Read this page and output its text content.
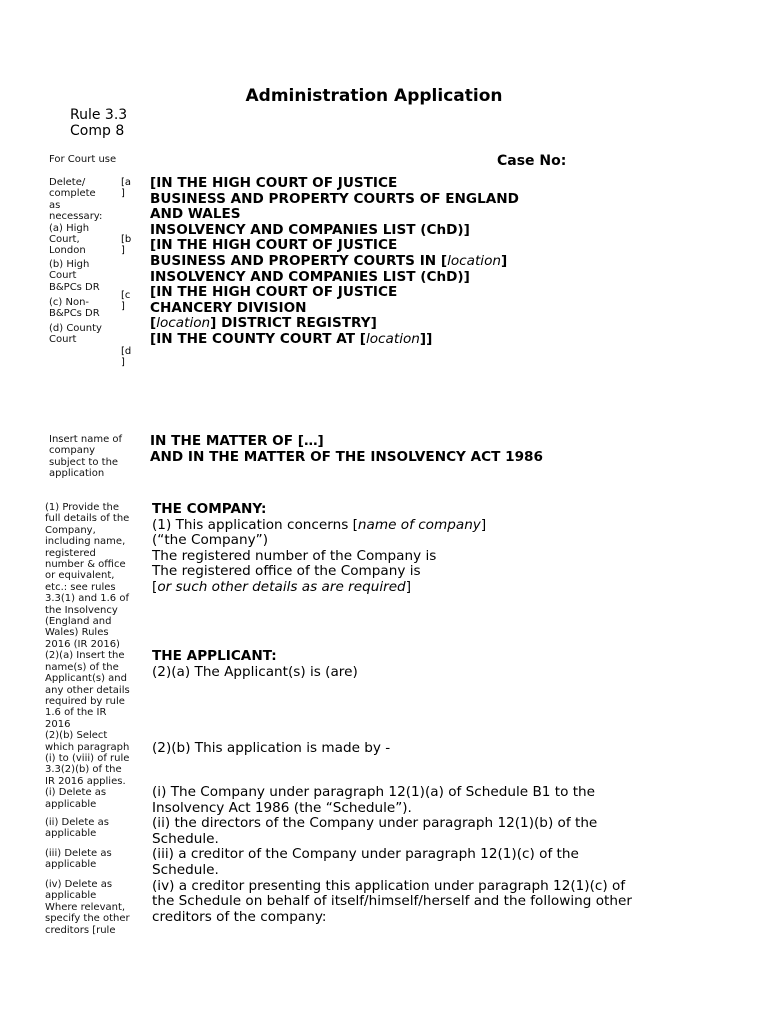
Administration Application
Rule 3.3
Comp 8
For Court use	Case No:
Delete/
complete
as
necessary:
(a) High
Court,
London
(b) High
Court
B&PCs DR
(c) Non-
B&PCs DR
(d) County
Court
[a
]
[b
]
[c
]
[d
]
[IN THE HIGH COURT OF JUSTICE
BUSINESS AND PROPERTY COURTS OF ENGLAND
AND WALES
INSOLVENCY AND COMPANIES LIST (ChD)]
[IN THE HIGH COURT OF JUSTICE
BUSINESS AND PROPERTY COURTS IN [location]
INSOLVENCY AND COMPANIES LIST (ChD)]
[IN THE HIGH COURT OF JUSTICE
CHANCERY DIVISION
[location] DISTRICT REGISTRY]
[IN THE COUNTY COURT AT [location]]
Insert name of
company
subject to the
application
IN THE MATTER OF […]
AND IN THE MATTER OF THE INSOLVENCY ACT 1986
(1) Provide the
full details of the
Company,
including name,
registered
number & office
or equivalent,
etc.: see rules
3.3(1) and 1.6 of
the Insolvency
(England and
Wales) Rules
2016 (IR 2016)
(2)(a) Insert the
name(s) of the
Applicant(s) and
any other details
required by rule
1.6 of the IR
2016
(2)(b) Select
which paragraph
(i) to (viii) of rule
3.3(2)(b) of the
IR 2016 applies.
(i) Delete as
applicable
(ii) Delete as
applicable
(iii) Delete as
applicable
(iv) Delete as
applicable
Where relevant,
specify the other
creditors [rule
THE COMPANY:
(1) This application concerns [name of company]
(“the Company”)
The registered number of the Company is
The registered office of the Company is
[or such other details as are required]
THE APPLICANT:
(2)(a) The Applicant(s) is (are)
(2)(b) This application is made by -
(i) The Company under paragraph 12(1)(a) of Schedule B1 to the
Insolvency Act 1986 (the “Schedule”).
(ii) the directors of the Company under paragraph 12(1)(b) of the
Schedule.
(iii) a creditor of the Company under paragraph 12(1)(c) of the
Schedule.
(iv) a creditor presenting this application under paragraph 12(1)(c) of
the Schedule on behalf of itself/himself/herself and the following other
creditors of the company:
